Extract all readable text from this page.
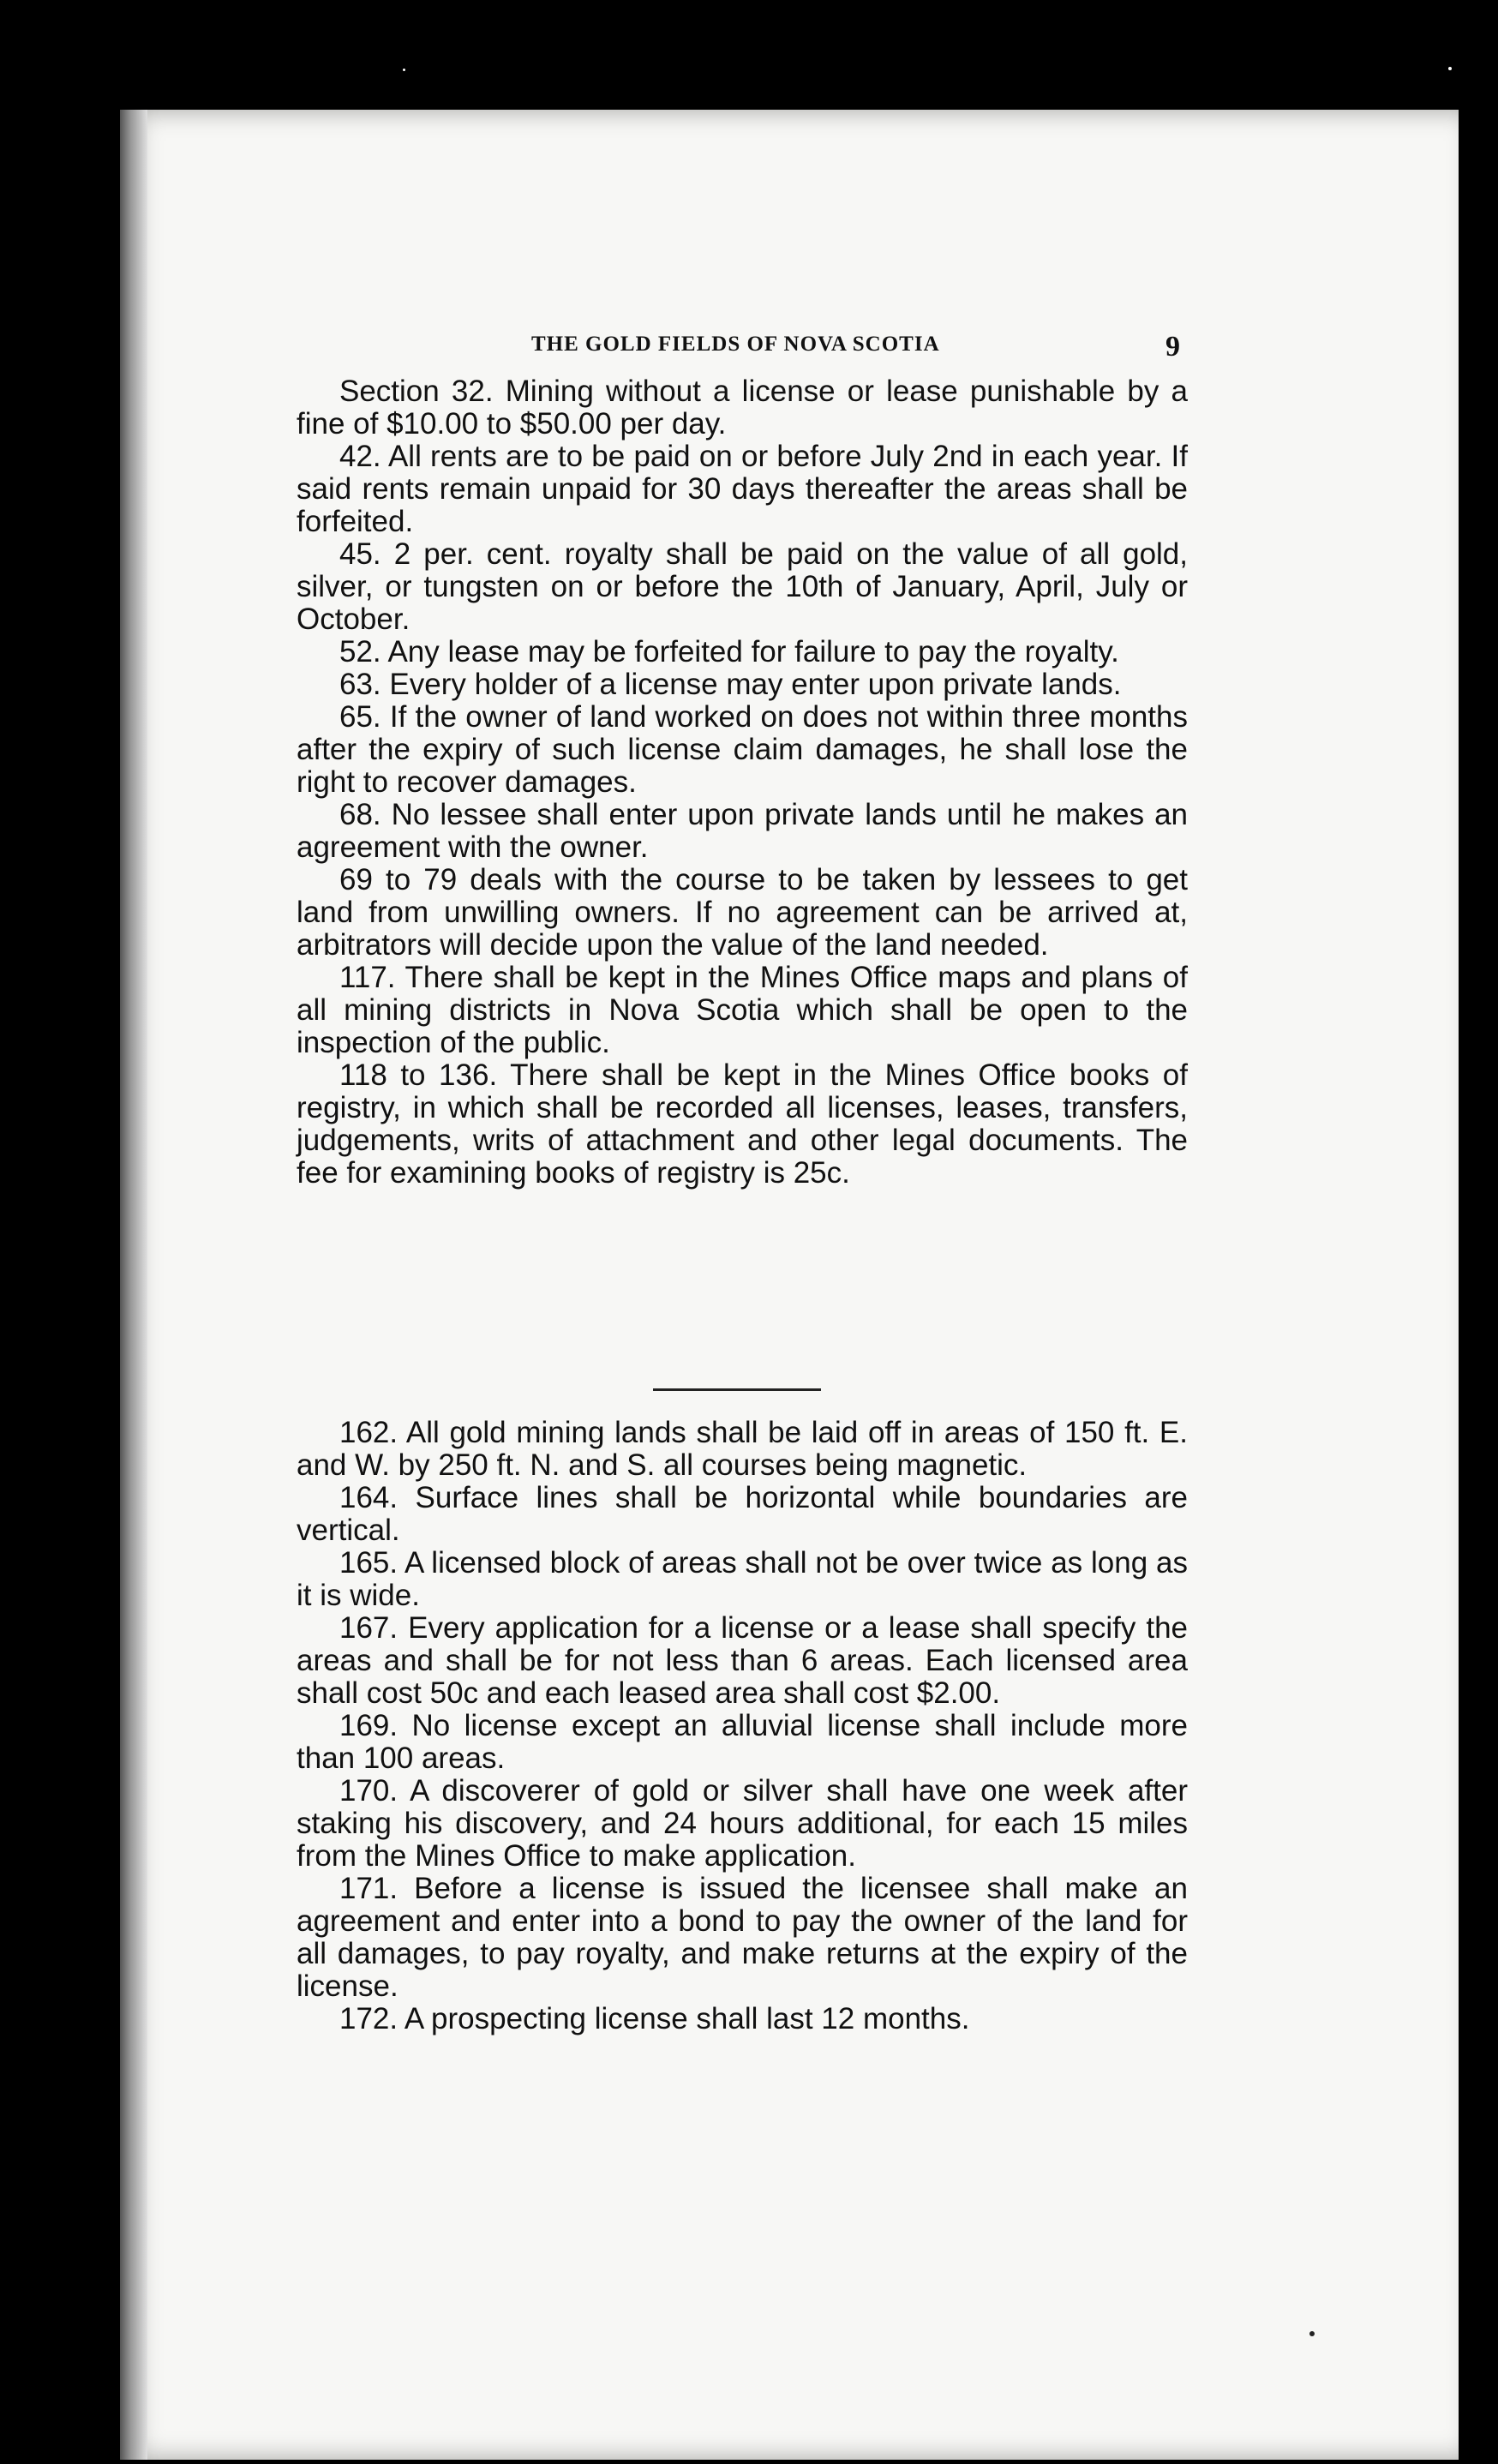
THE GOLD FIELDS OF NOVA SCOTIA	9

Section 32. Mining without a license or lease punishable by a fine of $10.00 to $50.00 per day.

42. All rents are to be paid on or before July 2nd in each year. If said rents remain unpaid for 30 days thereafter the areas shall be forfeited.

45. 2 per. cent. royalty shall be paid on the value of all gold, silver, or tungsten on or before the 10th of January, April, July or October.

52. Any lease may be forfeited for failure to pay the royalty.

63. Every holder of a license may enter upon private lands.

65. If the owner of land worked on does not within three months after the expiry of such license claim damages, he shall lose the right to recover damages.

68. No lessee shall enter upon private lands until he makes an agreement with the owner.

69 to 79 deals with the course to be taken by lessees to get land from unwilling owners. If no agreement can be arrived at, arbitrators will decide upon the value of the land needed.

117. There shall be kept in the Mines Office maps and plans of all mining districts in Nova Scotia which shall be open to the inspection of the public.

118 to 136. There shall be kept in the Mines Office books of registry, in which shall be recorded all licenses, leases, transfers, judgements, writs of attachment and other legal documents. The fee for examining books of registry is 25c.

162. All gold mining lands shall be laid off in areas of 150 ft. E. and W. by 250 ft. N. and S. all courses being magnetic.

164. Surface lines shall be horizontal while boundaries are vertical.

165. A licensed block of areas shall not be over twice as long as it is wide.

167. Every application for a license or a lease shall specify the areas and shall be for not less than 6 areas. Each licensed area shall cost 50c and each leased area shall cost $2.00.

169. No license except an alluvial license shall include more than 100 areas.

170. A discoverer of gold or silver shall have one week after staking his discovery, and 24 hours additional, for each 15 miles from the Mines Office to make application.

171. Before a license is issued the licensee shall make an agreement and enter into a bond to pay the owner of the land for all damages, to pay royalty, and make returns at the expiry of the license.

172. A prospecting license shall last 12 months.
